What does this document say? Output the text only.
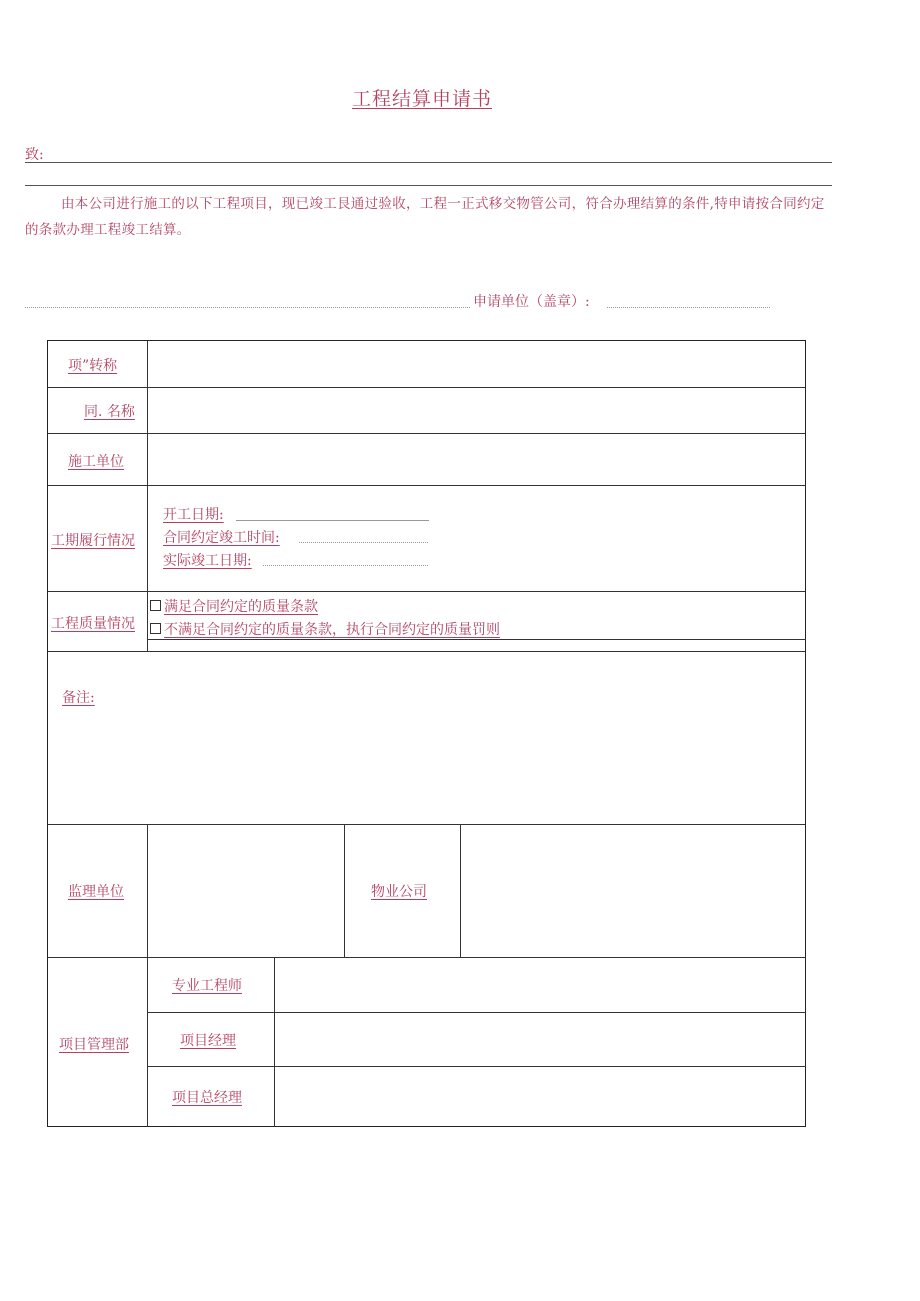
工程结算申请书
致:
由本公司进行施工的以下工程项目，现已竣工艮通过验收，工程一正式移交物管公司，符合办理结算的条件,特申请按合同约定的条款办理工程竣工结算。
申请单位（盖章）:
项”转称
同. 名称
施工单位
工期履行情况
开工日期:
合同约定竣工时间:
实际竣工日期:
工程质量情况
满足合同约定的质量条款
不满足合同约定的质量条款，执行合同约定的质量罚则
备注:
监理单位	物业公司
项目管理部
专业工程师
项目经理
项目总经理
